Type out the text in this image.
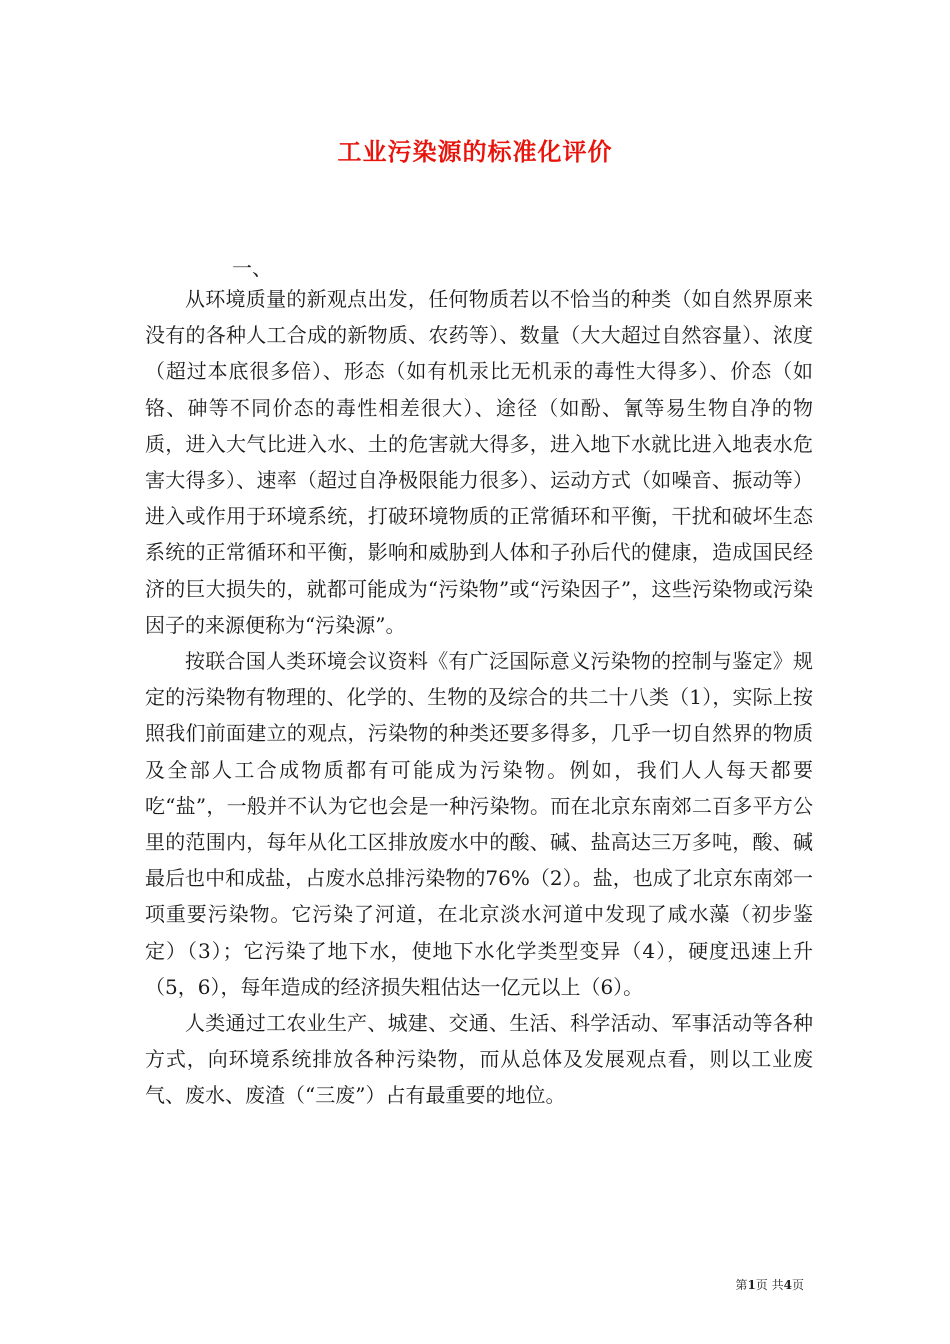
工业污染源的标准化评价
一、

从环境质量的新观点出发，任何物质若以不恰当的种类（如自然界原来没有的各种人工合成的新物质、农药等）、数量（大大超过自然容量）、浓度（超过本底很多倍）、形态（如有机汞比无机汞的毒性大得多）、价态（如铬、砷等不同价态的毒性相差很大）、途径（如酚、氰等易生物自净的物质，进入大气比进入水、土的危害就大得多，进入地下水就比进入地表水危害大得多）、速率（超过自净极限能力很多）、运动方式（如噪音、振动等）进入或作用于环境系统，打破环境物质的正常循环和平衡，干扰和破坏生态系统的正常循环和平衡，影响和威胁到人体和子孙后代的健康，造成国民经济的巨大损失的，就都可能成为“污染物”或“污染因子”，这些污染物或污染因子的来源便称为“污染源”。

按联合国人类环境会议资料《有广泛国际意义污染物的控制与鉴定》规定的污染物有物理的、化学的、生物的及综合的共二十八类（1），实际上按照我们前面建立的观点，污染物的种类还要多得多，几乎一切自然界的物质及全部人工合成物质都有可能成为污染物。例如，我们人人每天都要吃“盐”，一般并不认为它也会是一种污染物。而在北京东南郊二百多平方公里的范围内，每年从化工区排放废水中的酸、碱、盐高达三万多吨，酸、碱最后也中和成盐，占废水总排污染物的76%（2）。盐，也成了北京东南郊一项重要污染物。它污染了河道，在北京淡水河道中发现了咸水藻（初步鉴定）（3）；它污染了地下水，使地下水化学类型变异（4），硬度迅速上升（5，6），每年造成的经济损失粗估达一亿元以上（6）。

人类通过工农业生产、城建、交通、生活、科学活动、军事活动等各种方式，向环境系统排放各种污染物，而从总体及发展观点看，则以工业废气、废水、废渣（“三废”）占有最重要的地位。

第1页 共4页
